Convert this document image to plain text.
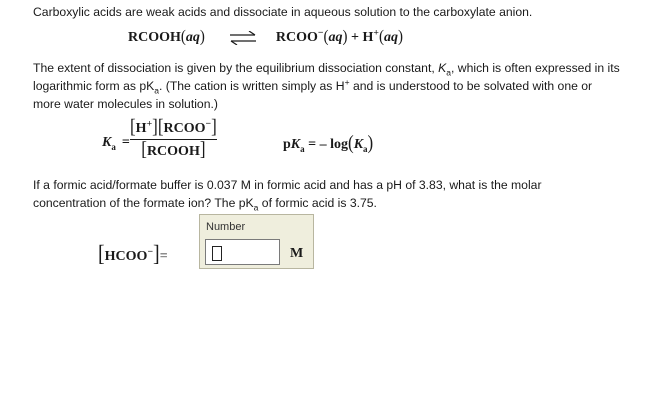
Carboxylic acids are weak acids and dissociate in aqueous solution to the carboxylate anion.

RCOOH(aq) ⇌ RCOO−(aq) + H+(aq)

The extent of dissociation is given by the equilibrium dissociation constant, $K_a$, which is often expressed in its logarithmic form as $pK_a$. (The cation is written simply as H+ and is understood to be solvated with one or more water molecules in solution.)

$K_a$ =
[H+][RCOO−]
[RCOOH]	$pK_a$ = – $\log(K_a)$

If a formic acid/formate buffer is 0.037 M in formic acid and has a pH of 3.83, what is the molar concentration of the formate ion? The $pK_a$ of formic acid is 3.75.

[HCOO−]=
Number
M
